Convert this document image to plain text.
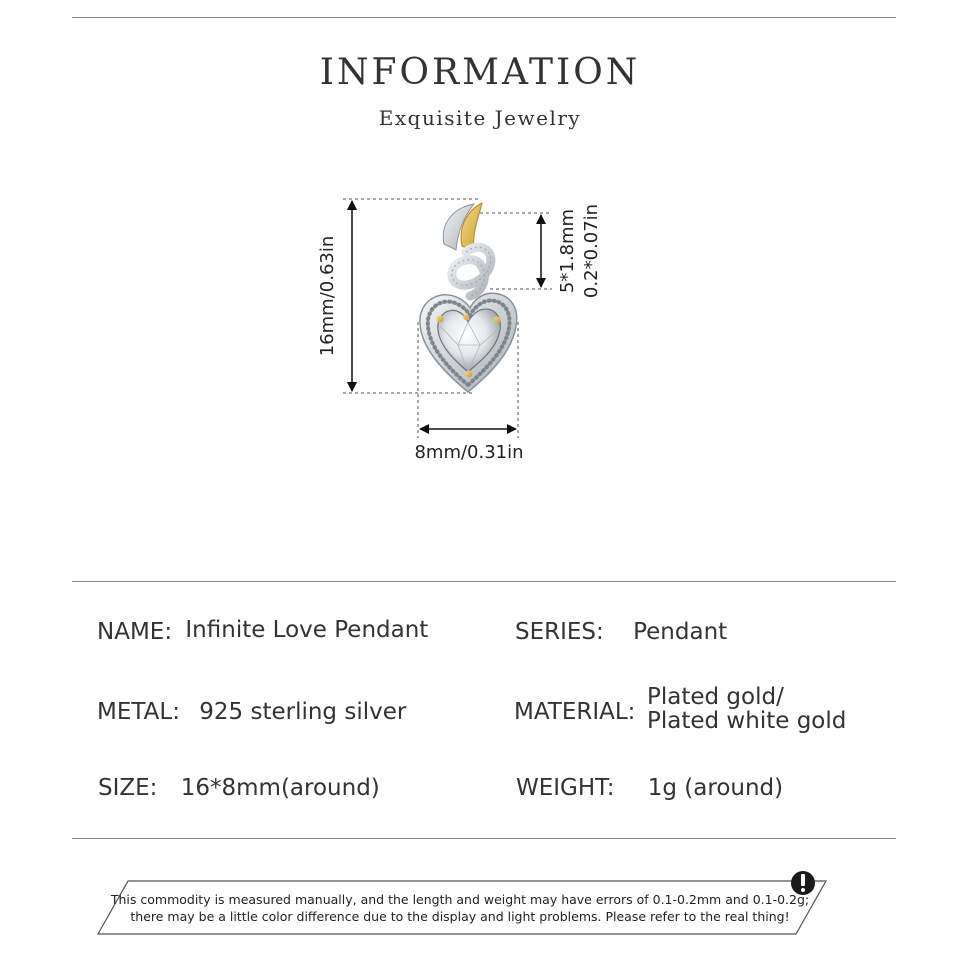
INFORMATION
Exquisite Jewelry
16mm/0.63in
8mm/0.31in
5*1.8mm 0.2*0.07in
NAME: Infinite Love Pendant	SERIES: Pendant
METAL: 925 sterling silver	MATERIAL:
Plated gold/
Plated white gold
SIZE: 16*8mm(around)	WEIGHT: 1g (around)
This commodity is measured manually, and the length and weight may have errors of 0.1-0.2mm and 0.1-0.2g;
there may be a little color difference due to the display and light problems. Please refer to the real thing!
